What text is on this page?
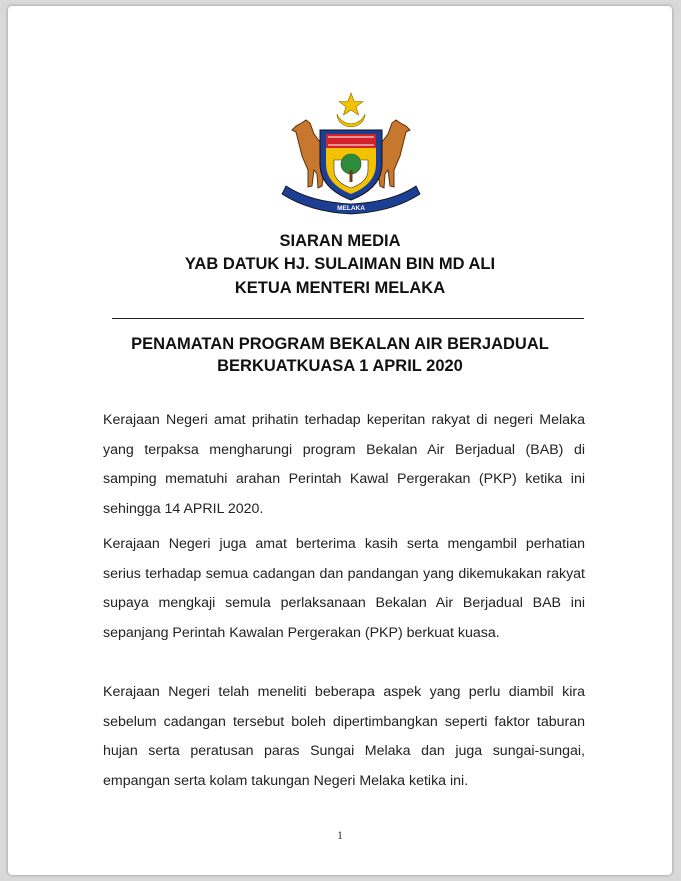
MELAKA

SIARAN MEDIA

YAB DATUK HJ. SULAIMAN BIN MD ALI

KETUA MENTERI MELAKA

PENAMATAN PROGRAM BEKALAN AIR BERJADUAL

BERKUATKUASA 1 APRIL 2020

Kerajaan Negeri amat prihatin terhadap keperitan rakyat di negeri Melaka yang terpaksa mengharungi program Bekalan Air Berjadual (BAB) di samping mematuhi arahan Perintah Kawal Pergerakan (PKP) ketika ini sehingga 14 APRIL 2020.

Kerajaan Negeri juga amat berterima kasih serta mengambil perhatian serius terhadap semua cadangan dan pandangan yang dikemukakan rakyat supaya mengkaji semula perlaksanaan Bekalan Air Berjadual BAB ini sepanjang Perintah Kawalan Pergerakan (PKP) berkuat kuasa.

Kerajaan Negeri telah meneliti beberapa aspek yang perlu diambil kira sebelum cadangan tersebut boleh dipertimbangkan seperti faktor taburan hujan serta peratusan paras Sungai Melaka dan juga sungai-sungai, empangan serta kolam takungan Negeri Melaka ketika ini.

1
